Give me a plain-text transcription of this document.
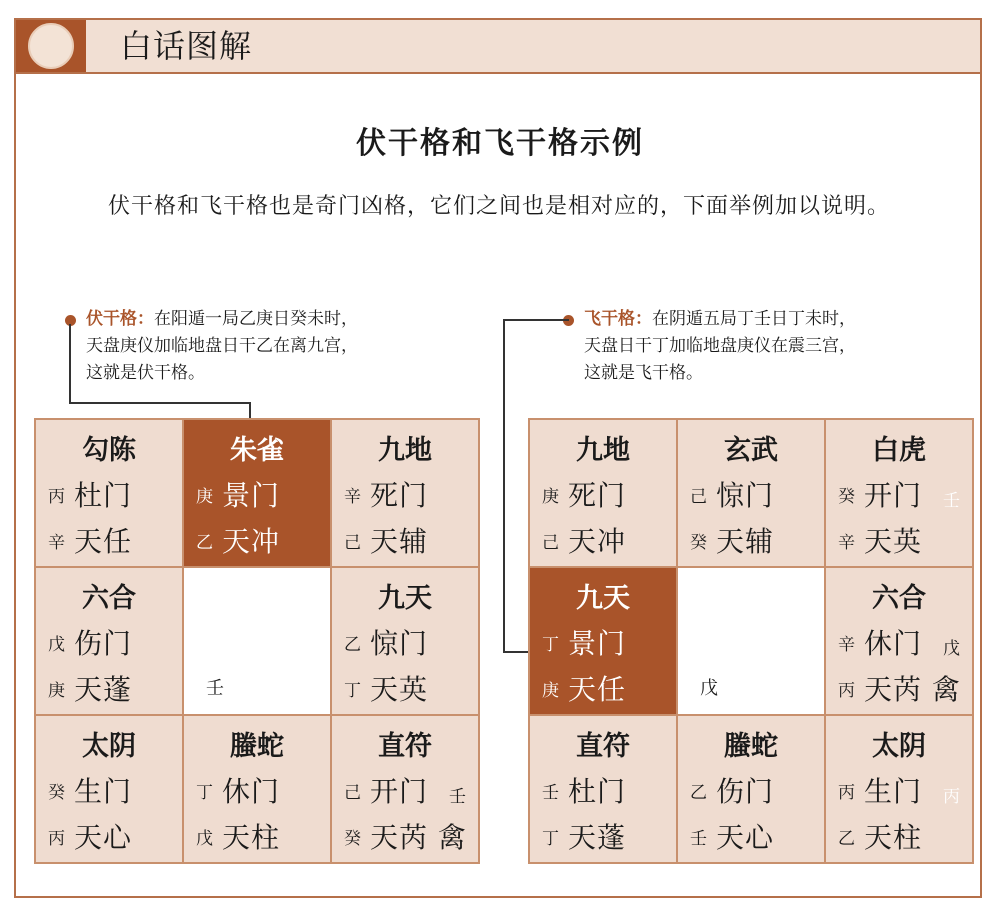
白话图解
伏干格和飞干格示例
伏干格和飞干格也是奇门凶格，它们之间也是相对应的，下面举例加以说明。
伏干格：在阳遁一局乙庚日癸未时，
天盘庚仪加临地盘日干乙在离九宫，
这就是伏干格。
飞干格：在阴遁五局丁壬日丁未时，
天盘日干丁加临地盘庚仪在震三宫，
这就是飞干格。
勾陈
丙 杜门
辛 天任
朱雀
庚 景门
乙 天冲
九地
辛 死门
己 天辅
六合
戊 伤门
庚 天蓬	壬
九天
乙 惊门
丁 天英
太阴
癸 生门
丙 天心
螣蛇
丁 休门
戊 天柱
直符
己 开门
癸 天芮 禽
壬
九地
庚 死门
己 天冲
玄武
己 惊门
癸 天辅
白虎
癸 开门
辛 天英
壬
九天
丁 景门
庚 天任	戊
六合
辛 休门
丙 天芮 禽
戊
直符
壬 杜门
丁 天蓬
螣蛇
乙 伤门
壬 天心
太阴
丙 生门
乙 天柱
丙
